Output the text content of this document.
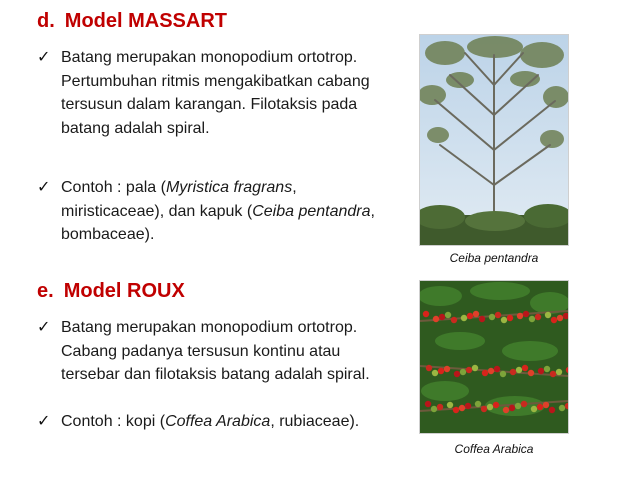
d. Model MASSART
✓ Batang merupakan monopodium ortotrop. Pertumbuhan ritmis mengakibatkan cabang tersusun dalam karangan. Filotaksis pada batang adalah spiral.
✓ Contoh : pala (Myristica fragrans, miristicaceae), dan kapuk (Ceiba pentandra, bombaceae).
Ceiba pentandra
e. Model ROUX
✓ Batang merupakan monopodium ortotrop. Cabang padanya tersusun kontinu atau tersebar dan filotaksis batang adalah spiral.
✓ Contoh : kopi (Coffea Arabica, rubiaceae).
Coffea Arabica
